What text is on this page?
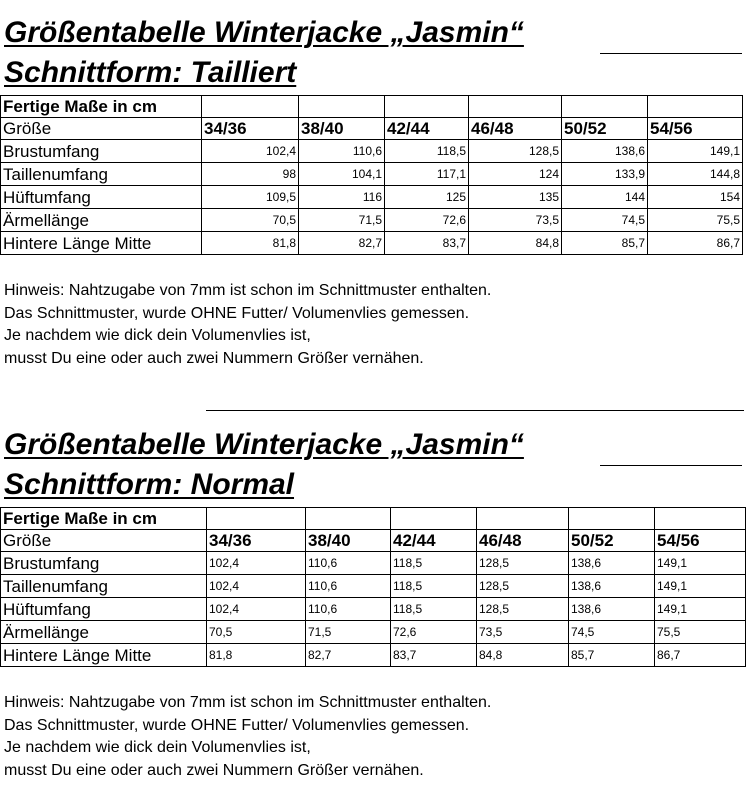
Größentabelle Winterjacke „Jasmin“
Schnittform: Tailliert
Fertige Maße in cm						
Größe	34/36	38/40	42/44	46/48	50/52	54/56
Brustumfang	102,4	110,6	118,5	128,5	138,6	149,1
Taillenumfang	98	104,1	117,1	124	133,9	144,8
Hüftumfang	109,5	116	125	135	144	154
Ärmellänge	70,5	71,5	72,6	73,5	74,5	75,5
Hintere Länge Mitte	81,8	82,7	83,7	84,8	85,7	86,7
Hinweis: Nahtzugabe von 7mm ist schon im Schnittmuster enthalten.
Das Schnittmuster, wurde OHNE Futter/ Volumenvlies gemessen.
Je nachdem wie dick dein Volumenvlies ist,
musst Du eine oder auch zwei Nummern Größer vernähen.
Größentabelle Winterjacke „Jasmin“
Schnittform: Normal
Fertige Maße in cm						
Größe	34/36	38/40	42/44	46/48	50/52	54/56
Brustumfang	102,4	110,6	118,5	128,5	138,6	149,1
Taillenumfang	102,4	110,6	118,5	128,5	138,6	149,1
Hüftumfang	102,4	110,6	118,5	128,5	138,6	149,1
Ärmellänge	70,5	71,5	72,6	73,5	74,5	75,5
Hintere Länge Mitte	81,8	82,7	83,7	84,8	85,7	86,7
Hinweis: Nahtzugabe von 7mm ist schon im Schnittmuster enthalten.
Das Schnittmuster, wurde OHNE Futter/ Volumenvlies gemessen.
Je nachdem wie dick dein Volumenvlies ist,
musst Du eine oder auch zwei Nummern Größer vernähen.
